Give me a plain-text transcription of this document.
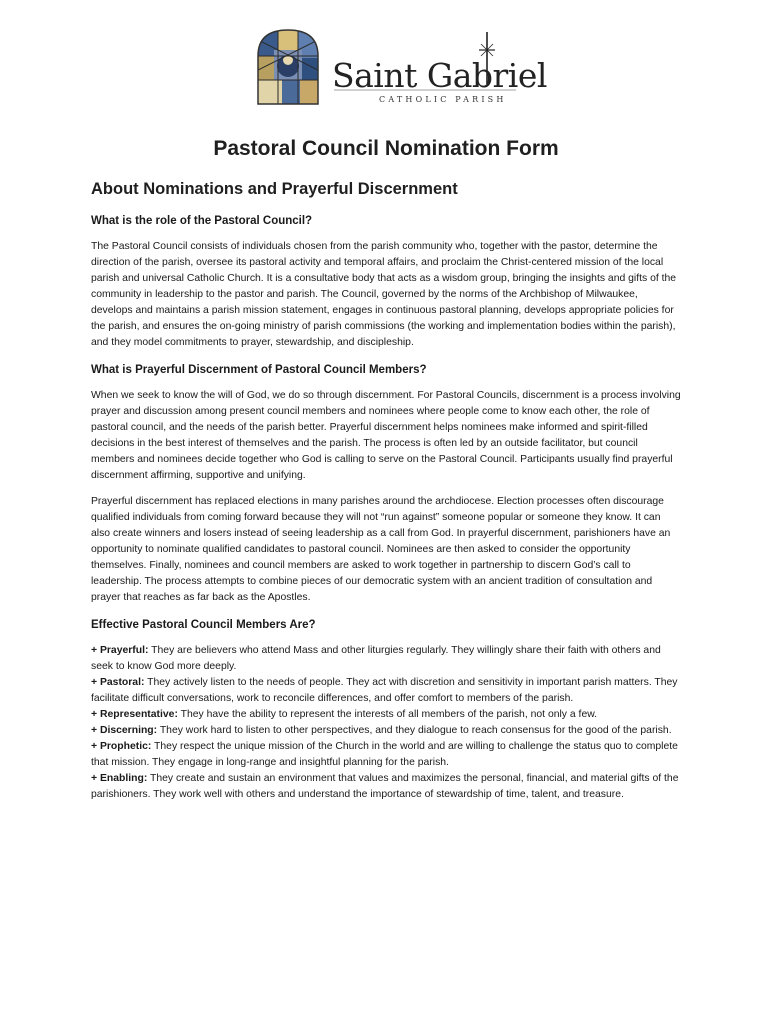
Saint Gabriel
CATHOLIC PARISH
Pastoral Council Nomination Form
About Nominations and Prayerful Discernment
What is the role of the Pastoral Council?

The Pastoral Council consists of individuals chosen from the parish community who, together with the pastor, determine the direction of the parish, oversee its pastoral activity and temporal affairs, and proclaim the Christ-centered mission of the local parish and universal Catholic Church. It is a consultative body that acts as a wisdom group, bringing the insights and gifts of the community in leadership to the pastor and parish. The Council, governed by the norms of the Archbishop of Milwaukee, develops and maintains a parish mission statement, engages in continuous pastoral planning, develops appropriate policies for the parish, and ensures the on-going ministry of parish commissions (the working and implementation bodies within the parish), and they model commitments to prayer, stewardship, and discipleship.

What is Prayerful Discernment of Pastoral Council Members?

When we seek to know the will of God, we do so through discernment. For Pastoral Councils, discernment is a process involving prayer and discussion among present council members and nominees where people come to know each other, the role of pastoral council, and the needs of the parish better. Prayerful discernment helps nominees make informed and spirit-filled decisions in the best interest of themselves and the parish. The process is often led by an outside facilitator, but council members and nominees decide together who God is calling to serve on the Pastoral Council. Participants usually find prayerful discernment affirming, supportive and unifying.

Prayerful discernment has replaced elections in many parishes around the archdiocese. Election processes often discourage qualified individuals from coming forward because they will not “run against” someone popular or someone they know. It can also create winners and losers instead of seeing leadership as a call from God. In prayerful discernment, parishioners have an opportunity to nominate qualified candidates to pastoral council. Nominees are then asked to consider the opportunity themselves. Finally, nominees and council members are asked to work together in partnership to discern God’s call to leadership. The process attempts to combine pieces of our democratic system with an ancient tradition of consultation and prayer that reaches as far back as the Apostles.

Effective Pastoral Council Members Are?
+ Prayerful: They are believers who attend Mass and other liturgies regularly. They willingly share their faith with others and seek to know God more deeply.
+ Pastoral: They actively listen to the needs of people. They act with discretion and sensitivity in important parish matters. They facilitate difficult conversations, work to reconcile differences, and offer comfort to members of the parish.
+ Representative: They have the ability to represent the interests of all members of the parish, not only a few.
+ Discerning: They work hard to listen to other perspectives, and they dialogue to reach consensus for the good of the parish.
+ Prophetic: They respect the unique mission of the Church in the world and are willing to challenge the status quo to complete that mission. They engage in long-range and insightful planning for the parish.
+ Enabling: They create and sustain an environment that values and maximizes the personal, financial, and material gifts of the parishioners. They work well with others and understand the importance of stewardship of time, talent, and treasure.
